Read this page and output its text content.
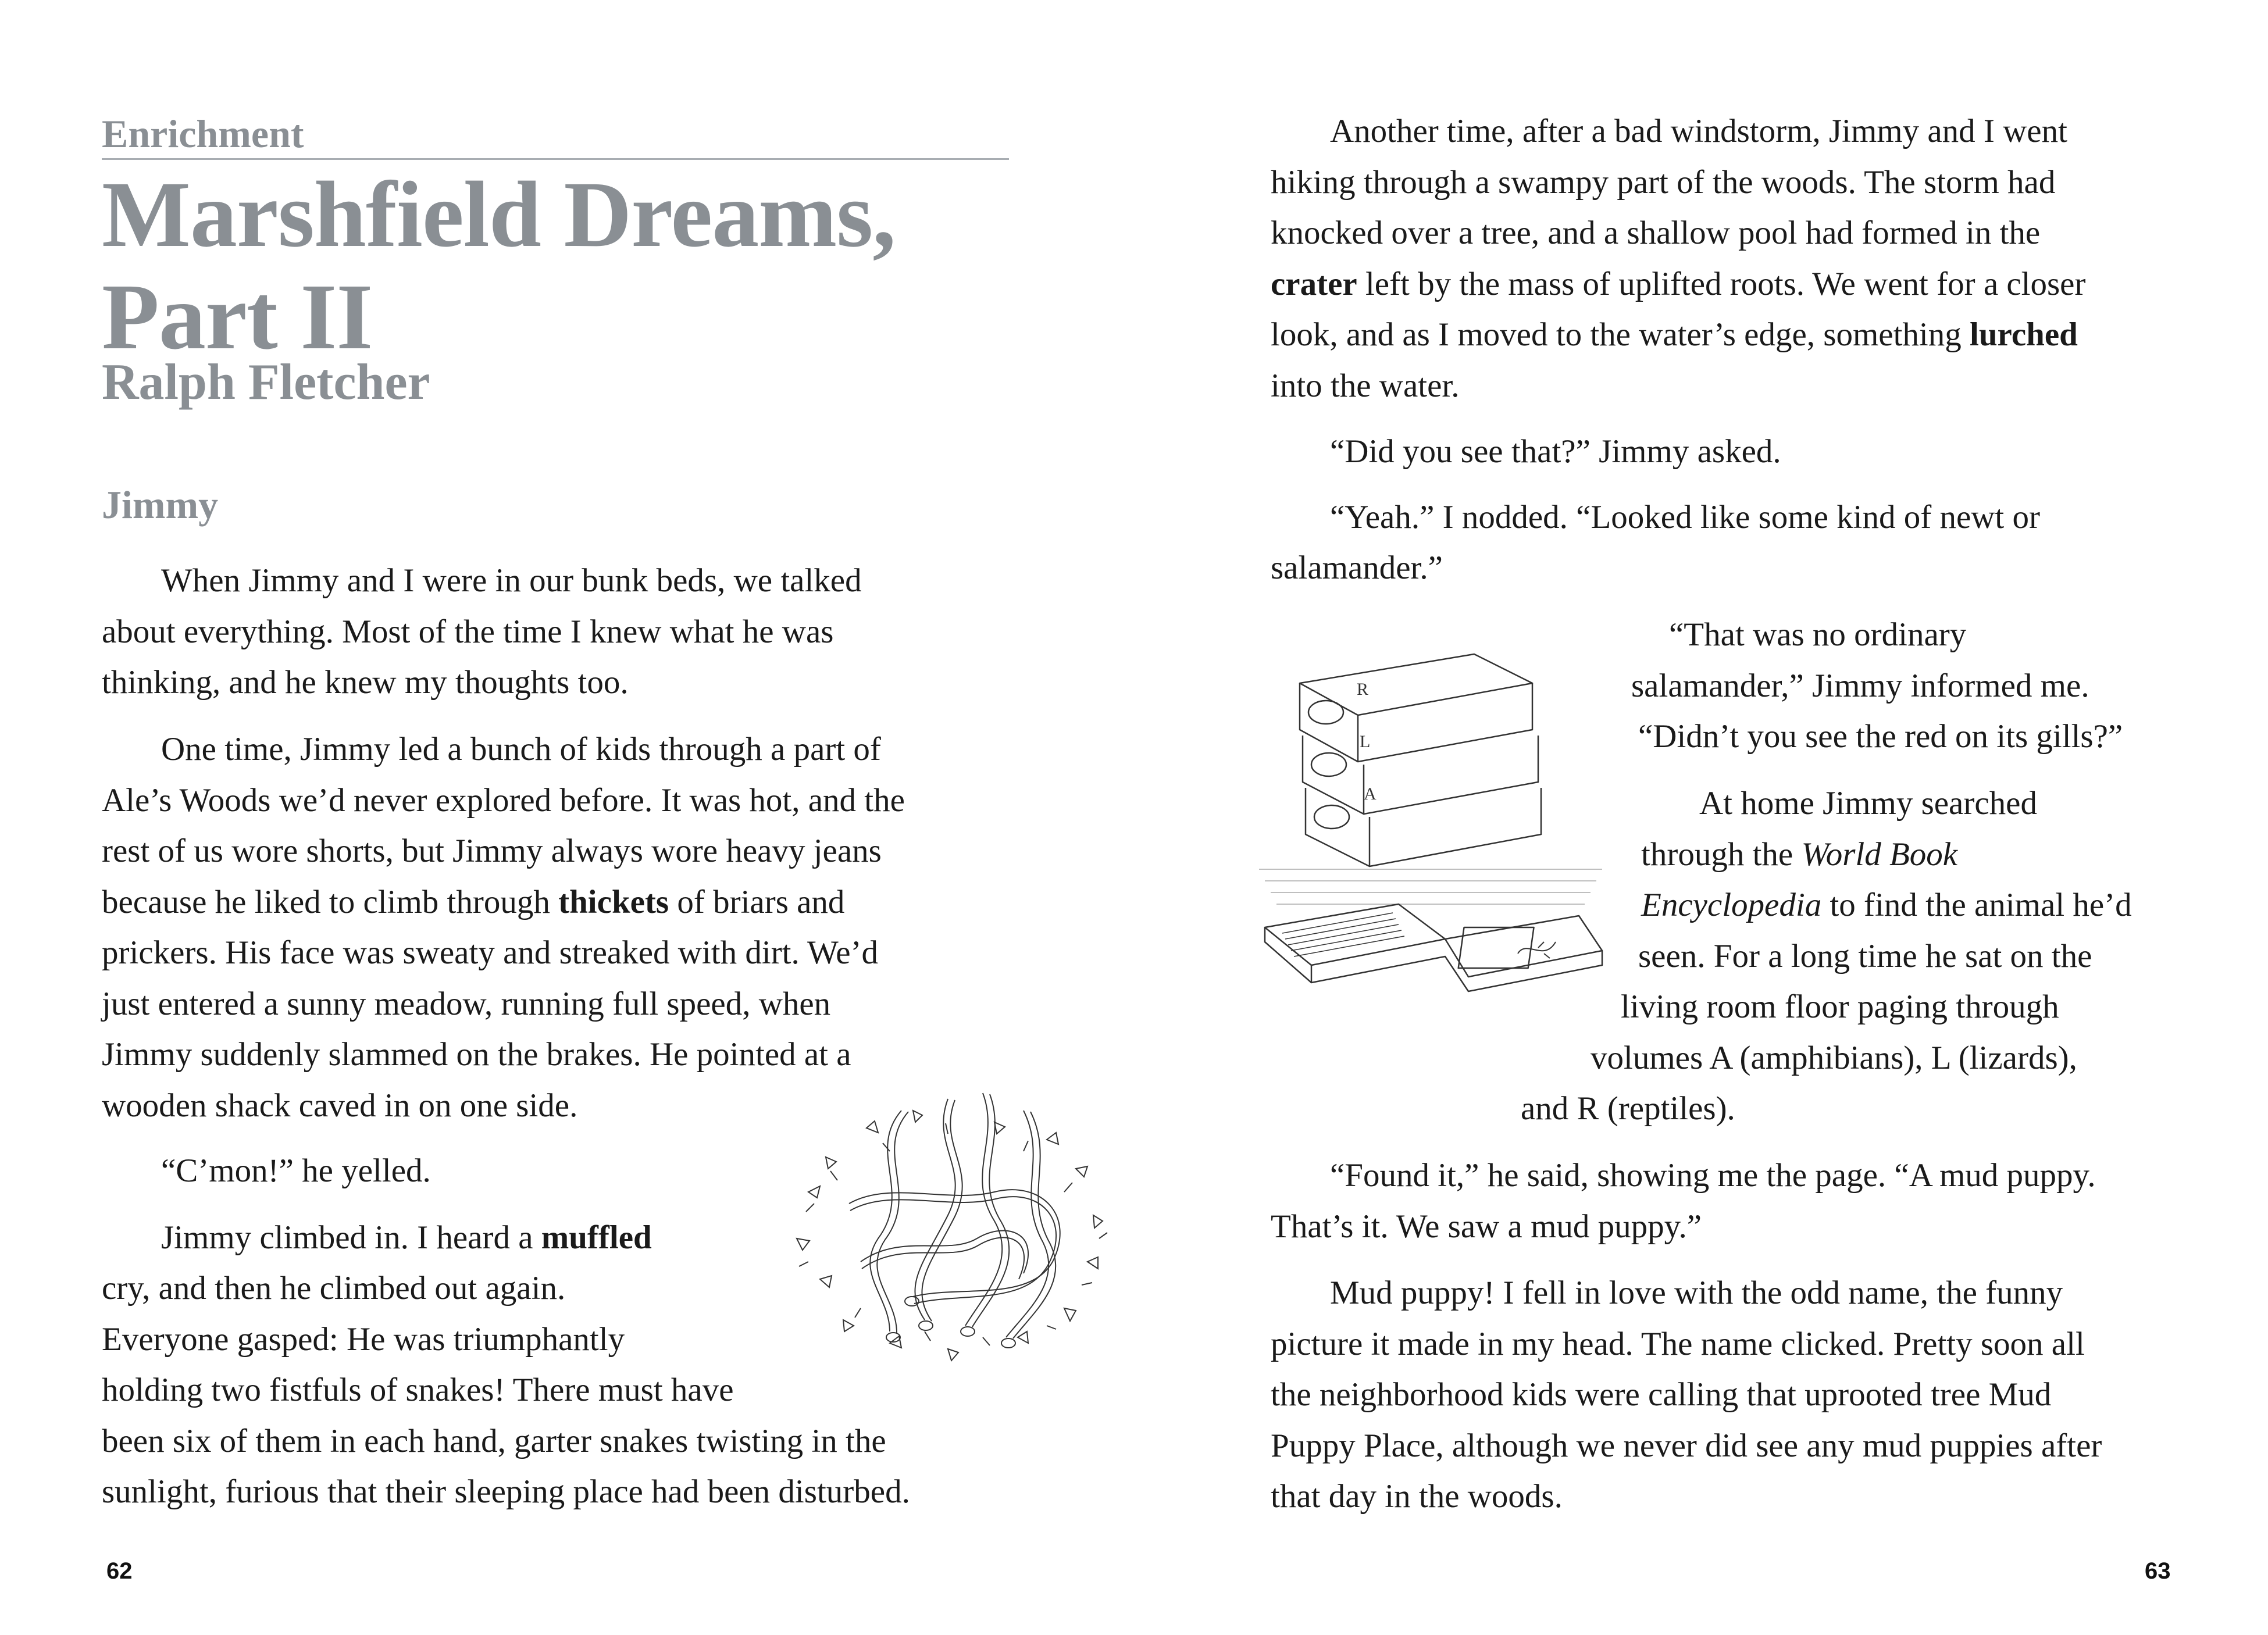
Enrichment
Marshfield Dreams,
Part II
Ralph Fletcher
Jimmy
When Jimmy and I were in our bunk beds, we talked
about everything. Most of the time I knew what he was
thinking, and he knew my thoughts too.
One time, Jimmy led a bunch of kids through a part of
Ale’s Woods we’d never explored before. It was hot, and the
rest of us wore shorts, but Jimmy always wore heavy jeans
because he liked to climb through thickets of briars and
prickers. His face was sweaty and streaked with dirt. We’d
just entered a sunny meadow, running full speed, when
Jimmy suddenly slammed on the brakes. He pointed at a
wooden shack caved in on one side.
“C’mon!” he yelled.
Jimmy climbed in. I heard a muffled
cry, and then he climbed out again.
Everyone gasped: He was triumphantly
holding two fistfuls of snakes! There must have
been six of them in each hand, garter snakes twisting in the
sunlight, furious that their sleeping place had been disturbed.
62
Another time, after a bad windstorm, Jimmy and I went
hiking through a swampy part of the woods. The storm had
knocked over a tree, and a shallow pool had formed in the
crater left by the mass of uplifted roots. We went for a closer
look, and as I moved to the water’s edge, something lurched
into the water.
“Did you see that?” Jimmy asked.
“Yeah.” I nodded. “Looked like some kind of newt or
salamander.”
“That was no ordinary
salamander,” Jimmy informed me.
“Didn’t you see the red on its gills?”
At home Jimmy searched
through the World Book
Encyclopedia to find the animal he’d
seen. For a long time he sat on the
living room floor paging through
volumes A (amphibians), L (lizards),
and R (reptiles).
“Found it,” he said, showing me the page. “A mud puppy.
That’s it. We saw a mud puppy.”
Mud puppy! I fell in love with the odd name, the funny
picture it made in my head. The name clicked. Pretty soon all
the neighborhood kids were calling that uprooted tree Mud
Puppy Place, although we never did see any mud puppies after
that day in the woods.
R
L
A
63
